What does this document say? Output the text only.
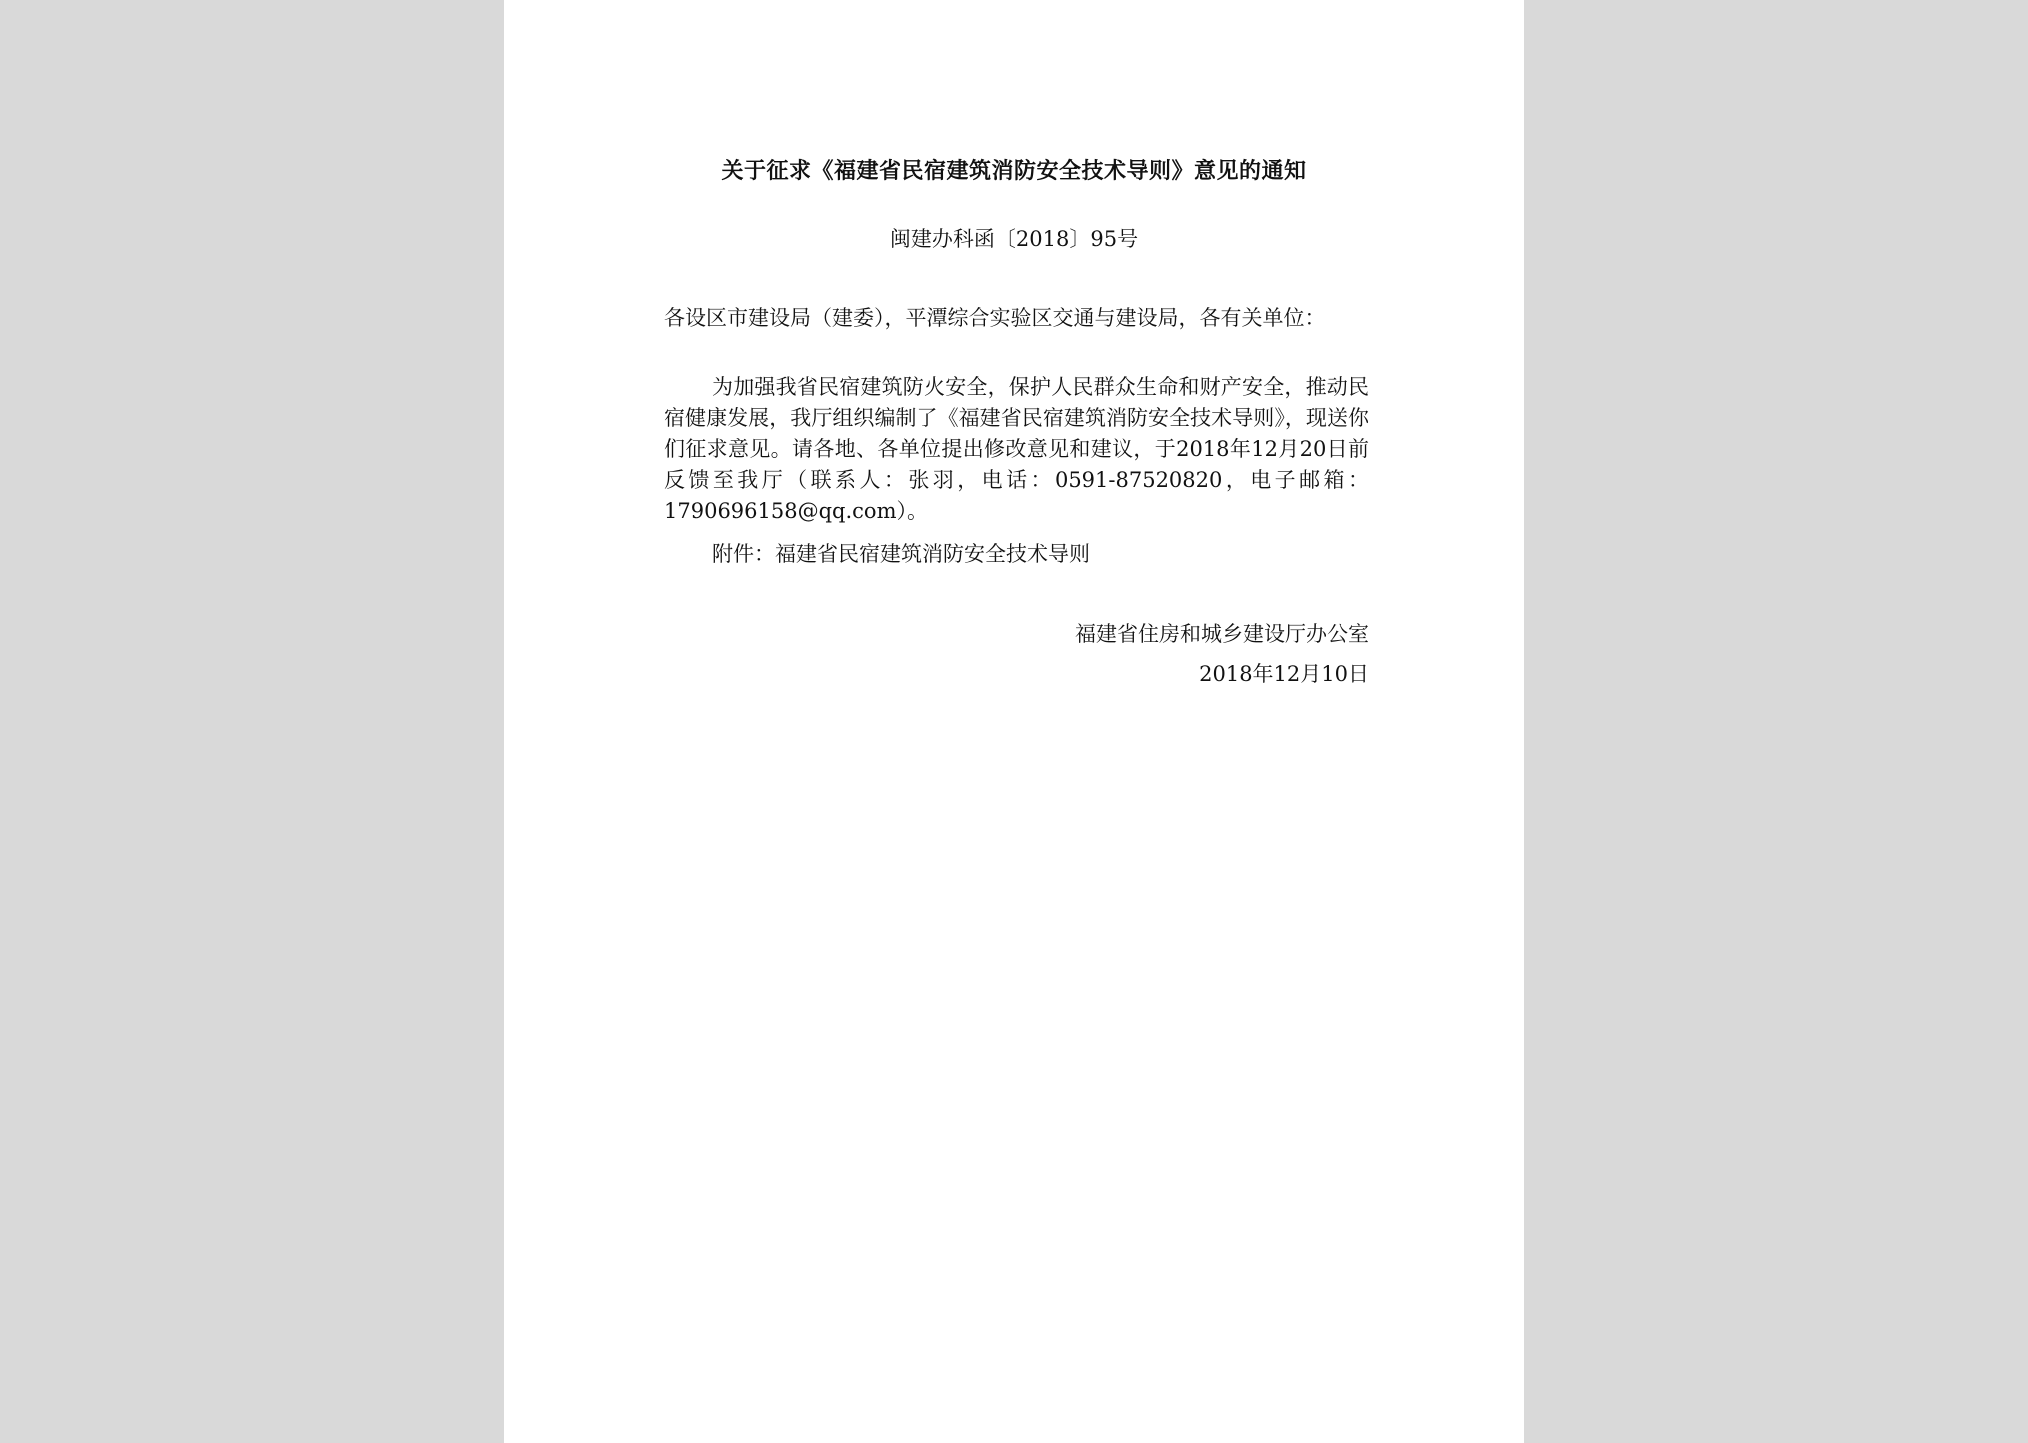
关于征求《福建省民宿建筑消防安全技术导则》意见的通知
闽建办科函〔2018〕95号
各设区市建设局（建委），平潭综合实验区交通与建设局，各有关单位：
为加强我省民宿建筑防火安全，保护人民群众生命和财产安全，推动民宿健康发展，我厅组织编制了《福建省民宿建筑消防安全技术导则》，现送你们征求意见。请各地、各单位提出修改意见和建议，于2018年12月20日前反馈至我厅（联系人：张羽，电话：0591-87520820，电子邮箱：1790696158@qq.com）。
附件：福建省民宿建筑消防安全技术导则
福建省住房和城乡建设厅办公室
2018年12月10日
